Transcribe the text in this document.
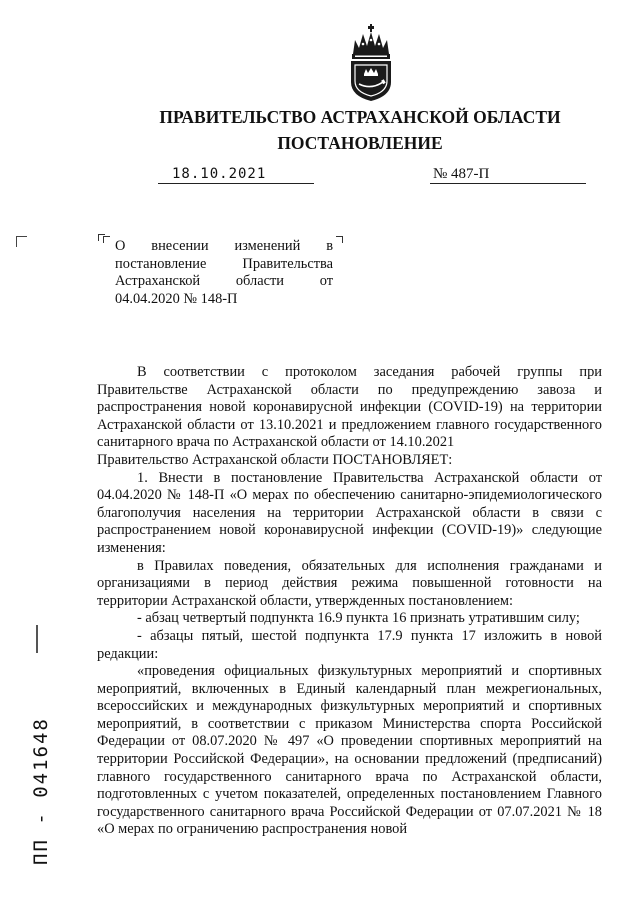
ПРАВИТЕЛЬСТВО АСТРАХАНСКОЙ ОБЛАСТИ
ПОСТАНОВЛЕНИЕ
18.10.2021	№ 487-П
О внесении изменений в постановление Правительства Астраханской области от 04.04.2020 № 148-П

В соответствии с протоколом заседания рабочей группы при Правительстве Астраханской области по предупреждению завоза и распространения новой коронавирусной инфекции (COVID-19) на территории Астраханской области от 13.10.2021 и предложением главного государственного санитарного врача по Астраханской области от 14.10.2021

Правительство Астраханской области ПОСТАНОВЛЯЕТ:

1. Внести в постановление Правительства Астраханской области от 04.04.2020 № 148-П «О мерах по обеспечению санитарно-эпидемиологического благополучия населения на территории Астраханской области в связи с распространением новой коронавирусной инфекции (COVID-19)» следующие изменения:

в Правилах поведения, обязательных для исполнения гражданами и организациями в период действия режима повышенной готовности на территории Астраханской области, утвержденных постановлением:

- абзац четвертый подпункта 16.9 пункта 16 признать утратившим силу;

- абзацы пятый, шестой подпункта 17.9 пункта 17 изложить в новой редакции:

«проведения официальных физкультурных мероприятий и спортивных мероприятий, включенных в Единый календарный план межрегиональных, всероссийских и международных физкультурных мероприятий и спортивных мероприятий, в соответствии с приказом Министерства спорта Российской Федерации от 08.07.2020 № 497 «О проведении спортивных мероприятий на территории Российской Федерации», на основании предложений (предписаний) главного государственного санитарного врача по Астраханской области, подготовленных с учетом показателей, определенных постановлением Главного государственного санитарного врача Российской Федерации от 07.07.2021 № 18 «О мерах по ограничению распространения новой

ПП - 041648
